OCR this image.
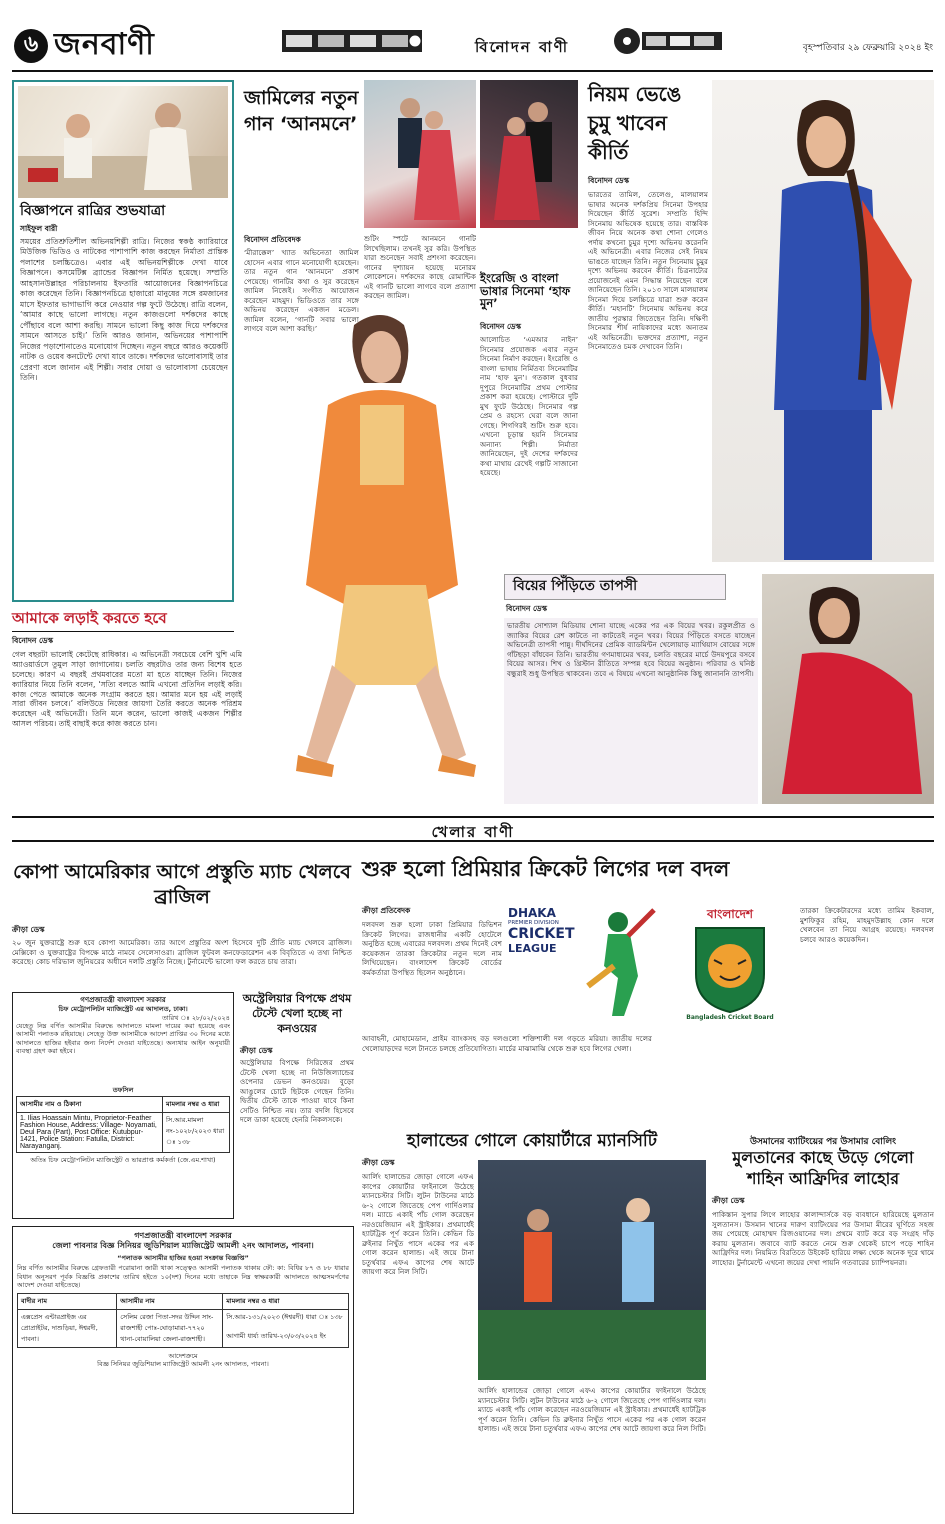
৬ জনবাণী	বিনোদন বাণী	বৃহস্পতিবার ২৯ ফেব্রুয়ারি ২০২৪ ইং
বিজ্ঞাপনে রাত্রির শুভযাত্রা
সাইফুল বারী
সময়ের প্রতিশ্রুতিশীল অভিনয়শিল্পী রাত্রি। নিজের স্বকণ্ঠ ক্যারিয়ারে মিউজিক ভিডিও ও নাটকের পাশাপাশি কাজ করছেন নির্মাতা প্রান্তিক পলাশের চলচ্চিত্রেও। এবার এই অভিনয়শিল্পীকে দেখা যাবে বিজ্ঞাপনে। কসমেটিক্স ব্র্যান্ডের বিজ্ঞাপন নির্মিত হয়েছে। সম্প্রতি আহসানউল্লাহর পরিচালনায় ইফতারি আয়োজনের বিজ্ঞাপনচিত্রে কাজ করেছেন তিনি। বিজ্ঞাপনচিত্রে হাজারো মানুষের সঙ্গে রমজানের মাসে ইফতার ভাগাভাগি করে নেওয়ার গল্প ফুটে উঠেছে। রাত্রি বলেন, ‘আমার কাছে ভালো লাগছে। নতুন কাজগুলো দর্শকদের কাছে পৌঁছাবে বলে আশা করছি। সামনে ভালো কিছু কাজ দিয়ে দর্শকদের সামনে আসতে চাই।’ তিনি আরও জানান, অভিনয়ের পাশাপাশি নিজের পড়াশোনাতেও মনোযোগ দিচ্ছেন। নতুন বছরে আরও কয়েকটি নাটক ও ওয়েব কনটেন্টে দেখা যাবে তাকে। দর্শকদের ভালোবাসাই তার প্রেরণা বলে জানান এই শিল্পী। সবার দোয়া ও ভালোবাসা চেয়েছেন তিনি।
জামিলের নতুন গান ‘আনমনে’
বিনোদন প্রতিবেদক
‘মীরাক্কেল’ খ্যাত অভিনেতা জামিল হোসেন এবার গানে মনোযোগী হয়েছেন। তার নতুন গান ‘আনমনে’ প্রকাশ পেয়েছে। গানটির কথা ও সুর করেছেন জামিল নিজেই। সংগীত আয়োজন করেছেন মাহমুদ। ভিডিওতে তার সঙ্গে অভিনয় করেছেন একজন মডেল। জামিল বলেন, ‘গানটি সবার ভালো লাগবে বলে আশা করছি।’
শুটিং স্পটে আনমনে গানটি লিখেছিলাম। তখনই সুর করি। উপস্থিত যারা শুনেছেন সবাই প্রশংসা করেছেন। গানের দৃশ্যায়ন হয়েছে মনোরম লোকেশনে। দর্শকদের কাছে রোমান্টিক এই গানটি ভালো লাগবে বলে প্রত্যাশা করছেন জামিল।
ইংরেজি ও বাংলা ভাষার সিনেমা ‘হাফ মুন’
বিনোদন ডেস্ক
আলোচিত ‘এমআর নাইন’ সিনেমার প্রযোজক এবার নতুন সিনেমা নির্মাণ করছেন। ইংরেজি ও বাংলা ভাষায় নির্মিতব্য সিনেমাটির নাম ‘হাফ মুন’। গতকাল বুধবার দুপুরে সিনেমাটির প্রথম পোস্টার প্রকাশ করা হয়েছে। পোস্টারে দুটি মুখ ফুটে উঠেছে। সিনেমার গল্প প্রেম ও রহস্যে ঘেরা বলে জানা গেছে। শিগগিরই শুটিং শুরু হবে। এখনো চূড়ান্ত হয়নি সিনেমার অন্যান্য শিল্পী। নির্মাতা জানিয়েছেন, দুই দেশের দর্শকদের কথা মাথায় রেখেই গল্পটি সাজানো হয়েছে।
নিয়ম ভেঙে চুমু খাবেন কীর্তি
বিনোদন ডেস্ক
ভারতের তামিল, তেলেগু, মালয়ালম ভাষার অনেক দর্শকপ্রিয় সিনেমা উপহার দিয়েছেন কীর্তি সুরেশ। সম্প্রতি হিন্দি সিনেমায় অভিষেক হয়েছে তার। বাস্তবিক জীবন নিয়ে অনেক কথা শোনা গেলেও পর্দায় কখনো চুমুর দৃশ্যে অভিনয় করেননি এই অভিনেত্রী। এবার নিজের সেই নিয়ম ভাঙতে যাচ্ছেন তিনি। নতুন সিনেমায় চুমুর দৃশ্যে অভিনয় করবেন কীর্তি। চিত্রনাট্যের প্রয়োজনেই এমন সিদ্ধান্ত নিয়েছেন বলে জানিয়েছেন তিনি। ২০১৩ সালে মালয়ালম সিনেমা দিয়ে চলচ্চিত্রে যাত্রা শুরু করেন কীর্তি। ‘মহানটি’ সিনেমায় অভিনয় করে জাতীয় পুরস্কার জিতেছেন তিনি। দক্ষিণী সিনেমার শীর্ষ নায়িকাদের মধ্যে অন্যতম এই অভিনেত্রী। ভক্তদের প্রত্যাশা, নতুন সিনেমাতেও চমক দেখাবেন তিনি।
বিয়ের পিঁড়িতে তাপসী
বিনোদন ডেস্ক
ভারতীয় সোশ্যাল মিডিয়ায় শোনা যাচ্ছে একের পর এক বিয়ের খবর। রকুলপ্রীত ও জ্যাকির বিয়ের রেশ কাটতে না কাটতেই নতুন খবর। বিয়ের পিঁড়িতে বসতে যাচ্ছেন অভিনেত্রী তাপসী পান্নু। দীর্ঘদিনের প্রেমিক ব্যাডমিন্টন খেলোয়াড় ম্যাথিয়াস বোয়ের সঙ্গে গাঁটছড়া বাঁধবেন তিনি। ভারতীয় গণমাধ্যমের খবর, চলতি বছরের মার্চে উদয়পুরে বসবে বিয়ের আসর। শিখ ও খ্রিস্টান রীতিতে সম্পন্ন হবে বিয়ের অনুষ্ঠান। পরিবার ও ঘনিষ্ঠ বন্ধুরাই শুধু উপস্থিত থাকবেন। তবে এ বিষয়ে এখনো আনুষ্ঠানিক কিছু জানাননি তাপসী।
আমাকে লড়াই করতে হবে
বিনোদন ডেস্ক
গেল বছরটা ভালোই কেটেছে রাধিকার। এ অভিনেত্রী সবচেয়ে বেশি খুশি এমি অ্যাওয়ার্ডসে তুমুল সাড়া জাগানোয়। চলতি বছরটাও তার জন্য বিশেষ হতে চলেছে। কারণ এ বছরই প্রথমবারের মতো মা হতে যাচ্ছেন তিনি। নিজের ক্যারিয়ার নিয়ে তিনি বলেন, ‘সত্যি বলতে আমি এখনো প্রতিদিন লড়াই করি। কাজ পেতে আমাকে অনেক সংগ্রাম করতে হয়। আমার মনে হয় এই লড়াই সারা জীবন চলবে।’ বলিউডে নিজের জায়গা তৈরি করতে অনেক পরিশ্রম করেছেন এই অভিনেত্রী। তিনি মনে করেন, ভালো কাজই একজন শিল্পীর আসল পরিচয়। তাই বাছাই করে কাজ করতে চান।
খেলার বাণী
কোপা আমেরিকার আগে প্রস্তুতি ম্যাচ খেলবে ব্রাজিল
ক্রীড়া ডেস্ক
২০ জুন যুক্তরাষ্ট্রে শুরু হবে কোপা আমেরিকা। তার আগে প্রস্তুতির অংশ হিসেবে দুটি প্রীতি ম্যাচ খেলবে ব্রাজিল। মেক্সিকো ও যুক্তরাষ্ট্রের বিপক্ষে মাঠে নামবে সেলেসাওরা। ব্রাজিল ফুটবল কনফেডারেশন এক বিবৃতিতে এ তথ্য নিশ্চিত করেছে। কোচ দরিভাল জুনিয়রের অধীনে দলটি প্রস্তুতি নিচ্ছে। টুর্নামেন্টে ভালো ফল করতে চায় তারা।
গণপ্রজাতন্ত্রী বাংলাদেশ সরকার
চিফ মেট্রোপলিটন ম্যাজিস্ট্রেট এর আদালত, ঢাকা।
তারিখ ঃ ২৮/০২/২০২৪
যেহেতু নিম্ন বর্ণিত আসামীর বিরুদ্ধে আদালতে মামলা দায়ের করা হয়েছে এবং আসামী পলাতক রহিয়াছে। সেহেতু উক্ত আসামীকে আদেশ প্রাপ্তির ৩০ দিনের মধ্যে আদালতে হাজির হইবার জন্য নির্দেশ দেওয়া যাইতেছে। অন্যথায় আইন অনুযায়ী ব্যবস্থা গ্রহণ করা হইবে।
তফসিল
আসামীর নাম ও ঠিকানা	মামলার নম্বর ও ধারা
1. Ilias Hoassain Mintu, Proprietor-Feather Fashion House, Address: Village- Noyamati, Deul Para (Part), Post Office: Kutubpur-1421, Police Station: Fatulla, District: Narayanganj.	সি.আর.মামলা নং-১০২৮/২০২৩ ধারা ঃ ১৩৮
অতিঃ চিফ মেট্রোপলিটন ম্যাজিস্ট্রেট ও ভারপ্রাপ্ত কর্মকর্তা (জে.এম.শাখা)
অস্ট্রেলিয়ার বিপক্ষে প্রথম টেস্টে খেলা হচ্ছে না কনওয়ের
ক্রীড়া ডেস্ক
অস্ট্রেলিয়ার বিপক্ষে সিরিজের প্রথম টেস্টে খেলা হচ্ছে না নিউজিল্যান্ডের ওপেনার ডেভন কনওয়ের। বুড়ো আঙুলের চোটে ছিটকে গেছেন তিনি। দ্বিতীয় টেস্টে তাকে পাওয়া যাবে কিনা সেটিও নিশ্চিত নয়। তার বদলি হিসেবে দলে ডাকা হয়েছে হেনরি নিকলসকে।
শুরু হলো প্রিমিয়ার ক্রিকেট লিগের দল বদল
ক্রীড়া প্রতিবেদক
দলবদল শুরু হলো ঢাকা প্রিমিয়ার ডিভিশন ক্রিকেট লিগের। রাজধানীর একটি হোটেলে অনুষ্ঠিত হচ্ছে এবারের দলবদল। প্রথম দিনেই বেশ কয়েকজন তারকা ক্রিকেটার নতুন দলে নাম লিখিয়েছেন। বাংলাদেশ ক্রিকেট বোর্ডের কর্মকর্তারা উপস্থিত ছিলেন অনুষ্ঠানে।
DHAKA
PREMIER DIVISION
CRICKET
LEAGUE
বাংলাদেশ
Bangladesh Cricket Board
আবাহনী, মোহামেডান, প্রাইম ব্যাংকসহ বড় দলগুলো শক্তিশালী দল গড়তে মরিয়া। জাতীয় দলের খেলোয়াড়দের দলে টানতে চলছে প্রতিযোগিতা। মার্চের মাঝামাঝি থেকে শুরু হবে লিগের খেলা।
তারকা ক্রিকেটারদের মধ্যে তামিম ইকবাল, মুশফিকুর রহিম, মাহমুদউল্লাহ কোন দলে খেলবেন তা নিয়ে আগ্রহ রয়েছে। দলবদল চলবে আরও কয়েকদিন।
হালান্ডের গোলে কোয়ার্টারে ম্যানসিটি
ক্রীড়া ডেস্ক
আর্লিং হালান্ডের জোড়া গোলে এফএ কাপের কোয়ার্টার ফাইনালে উঠেছে ম্যানচেস্টার সিটি। লুটন টাউনের মাঠে ৬-২ গোলে জিতেছে পেপ গার্দিওলার দল। ম্যাচে একাই পাঁচ গোল করেছেন নরওয়েজিয়ান এই স্ট্রাইকার। প্রথমার্ধেই হ্যাটট্রিক পূর্ণ করেন তিনি। কেভিন ডি ব্রুইনার নিখুঁত পাসে একের পর এক গোল করেন হালান্ড। এই জয়ে টানা চতুর্থবার এফএ কাপের শেষ আটে জায়গা করে নিল সিটি।
আর্লিং হালান্ডের জোড়া গোলে এফএ কাপের কোয়ার্টার ফাইনালে উঠেছে ম্যানচেস্টার সিটি। লুটন টাউনের মাঠে ৬-২ গোলে জিতেছে পেপ গার্দিওলার দল। ম্যাচে একাই পাঁচ গোল করেছেন নরওয়েজিয়ান এই স্ট্রাইকার। প্রথমার্ধেই হ্যাটট্রিক পূর্ণ করেন তিনি। কেভিন ডি ব্রুইনার নিখুঁত পাসে একের পর এক গোল করেন হালান্ড। এই জয়ে টানা চতুর্থবার এফএ কাপের শেষ আটে জায়গা করে নিল সিটি।
উসমানের ব্যাটিংয়ের পর উসামার বোলিং
মুলতানের কাছে উড়ে গেলো শাহিন আফ্রিদির লাহোর
ক্রীড়া ডেস্ক
পাকিস্তান সুপার লিগে লাহোর কালান্দার্সকে বড় ব্যবধানে হারিয়েছে মুলতান সুলতানস। উসমান খানের দারুণ ব্যাটিংয়ের পর উসামা মীরের ঘূর্ণিতে সহজ জয় পেয়েছে মোহাম্মদ রিজওয়ানের দল। প্রথমে ব্যাট করে বড় সংগ্রহ দাঁড় করায় মুলতান। জবাবে ব্যাট করতে নেমে শুরু থেকেই চাপে পড়ে শাহিন আফ্রিদির দল। নিয়মিত বিরতিতে উইকেট হারিয়ে লক্ষ্য থেকে অনেক দূরে থামে লাহোর। টুর্নামেন্টে এখনো জয়ের দেখা পায়নি গতবারের চ্যাম্পিয়নরা।
গণপ্রজাতন্ত্রী বাংলাদেশ সরকার
জেলা পাবনার বিজ্ঞ সিনিয়র জুডিশিয়াল ম্যাজিস্ট্রেট আমলী ২নং আদালত, পাবনা।
“পলাতক আসামীর হাজির হওয়া সংক্রান্ত বিজ্ঞপ্তি”
নিম্ন বর্ণিত আসামীর বিরুদ্ধে গ্রেফতারী পরোয়ানা জারী থাকা সত্ত্বেও আসামী পলাতক থাকায় ফৌ: কা: বিধির ৮৭ ও ৮৮ ধারার বিধান অনুসরণ পূর্বক বিজ্ঞপ্তি প্রকাশের তারিখ হইতে ১০(দশ) দিনের মধ্যে তাহাকে নিম্ন স্বাক্ষরকারী আদালতে আত্মসমর্পণের আদেশ দেওয়া যাইতেছে।
বাদীর নাম	আসামীর নাম	মামলার নম্বর ও ধারা
এক্সপ্রেস এন্টারপ্রাইজ এর প্রোপ্রাইটর, দাশুড়িয়া, ঈশ্বরদী, পাবনা।	সেলিম রেজা পিতা-সদর উদ্দিন সাং-রাজশাহী পোঃ-ঘোড়ামারা-৭৭২০ থানা-বোয়ালিয়া জেলা-রাজশাহী।	সি.আর-১৩১/২০২৩ (ঈশ্বরদী) ধারা ঃ ১৩৮
আগামী ধার্য্য তারিখ-২৩/০৩/২০২৪ ইং
আদেশক্রমে
বিজ্ঞ সিনিয়র জুডিশিয়াল ম্যাজিস্ট্রেট আমলী ২নং আদালত, পাবনা।
